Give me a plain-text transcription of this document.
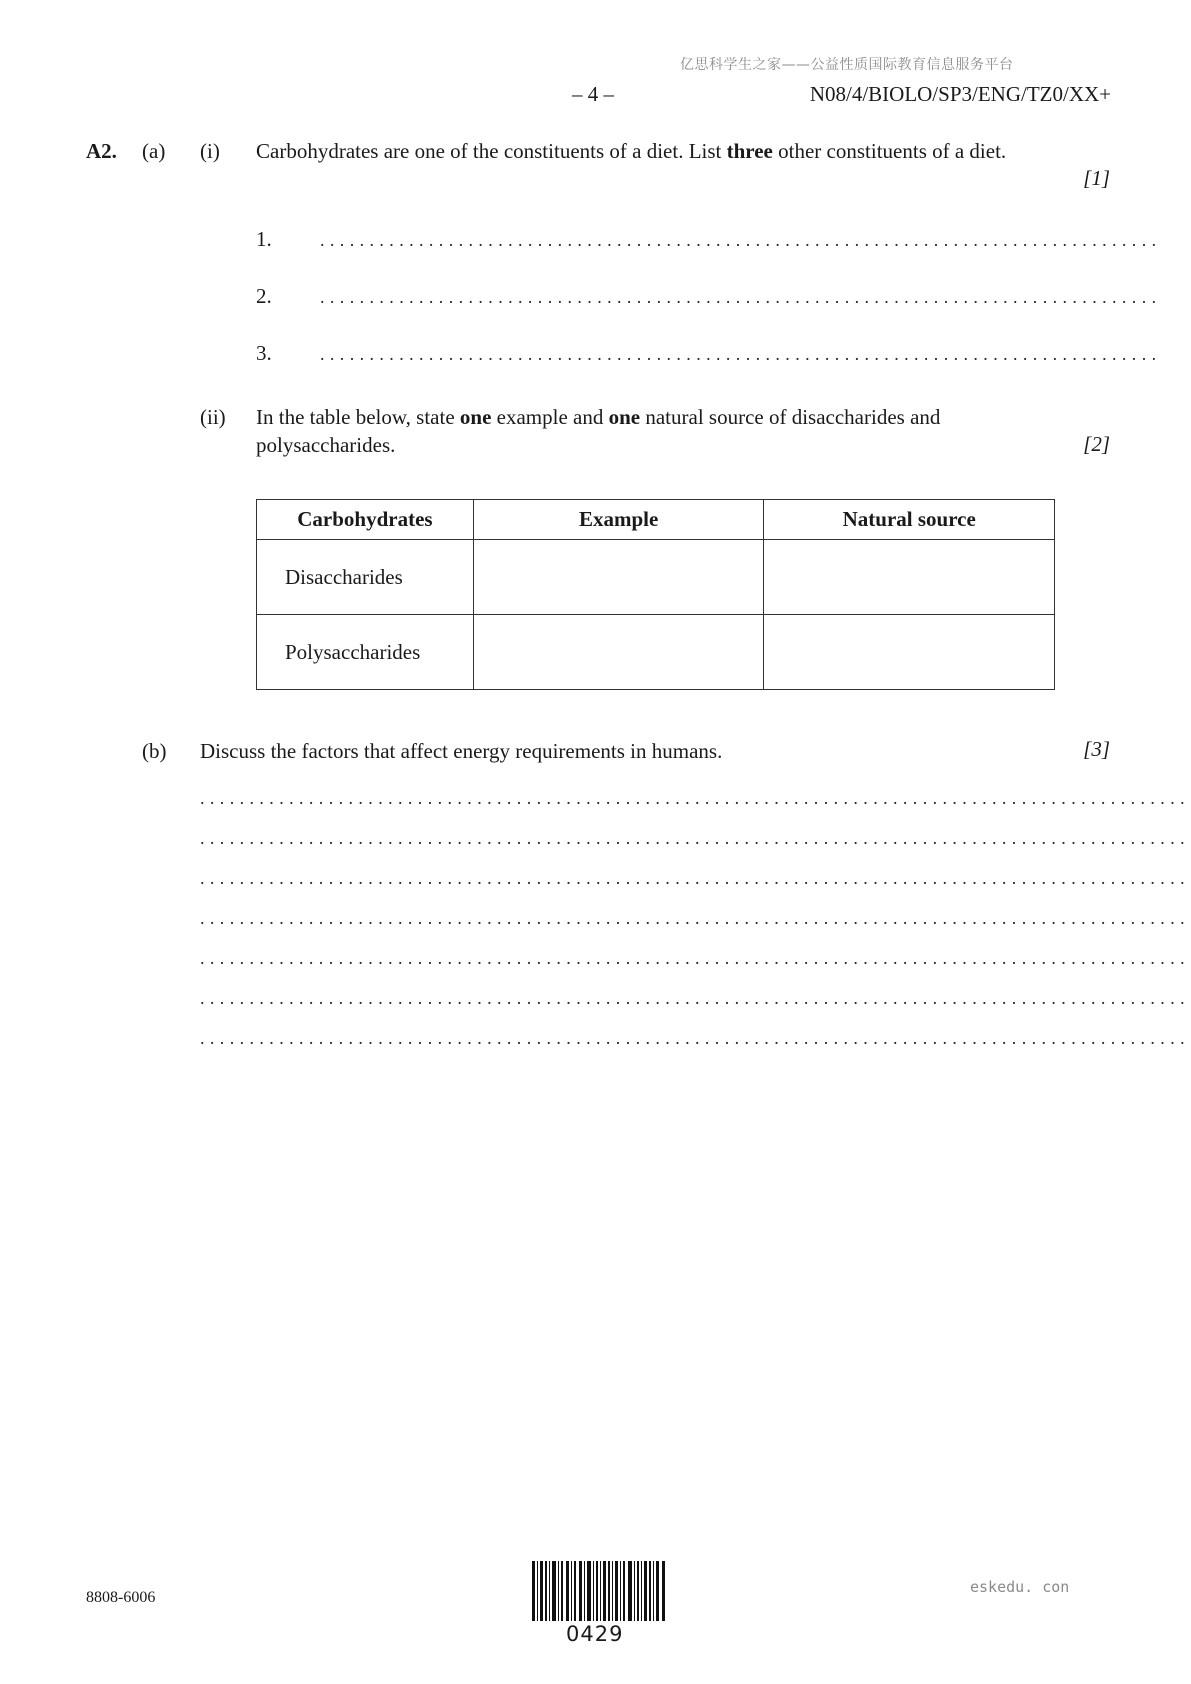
亿思科学生之家——公益性质国际教育信息服务平台
– 4 –	N08/4/BIOLO/SP3/ENG/TZ0/XX+
A2. (a) (i) Carbohydrates are one of the constituents of a diet. List three other constituents of a diet.
[1]
1.	.....................................................................................
2.	.....................................................................................
3.	.....................................................................................
(ii) In the table below, state one example and one natural source of disaccharides and polysaccharides.	[2]
Carbohydrates	Example	Natural source
Disaccharides		
Polysaccharides		
(b) Discuss the factors that affect energy requirements in humans.	[3]
....................................................................................................
....................................................................................................
....................................................................................................
....................................................................................................
....................................................................................................
....................................................................................................
....................................................................................................
8808-6006
0429
eskedu. con
